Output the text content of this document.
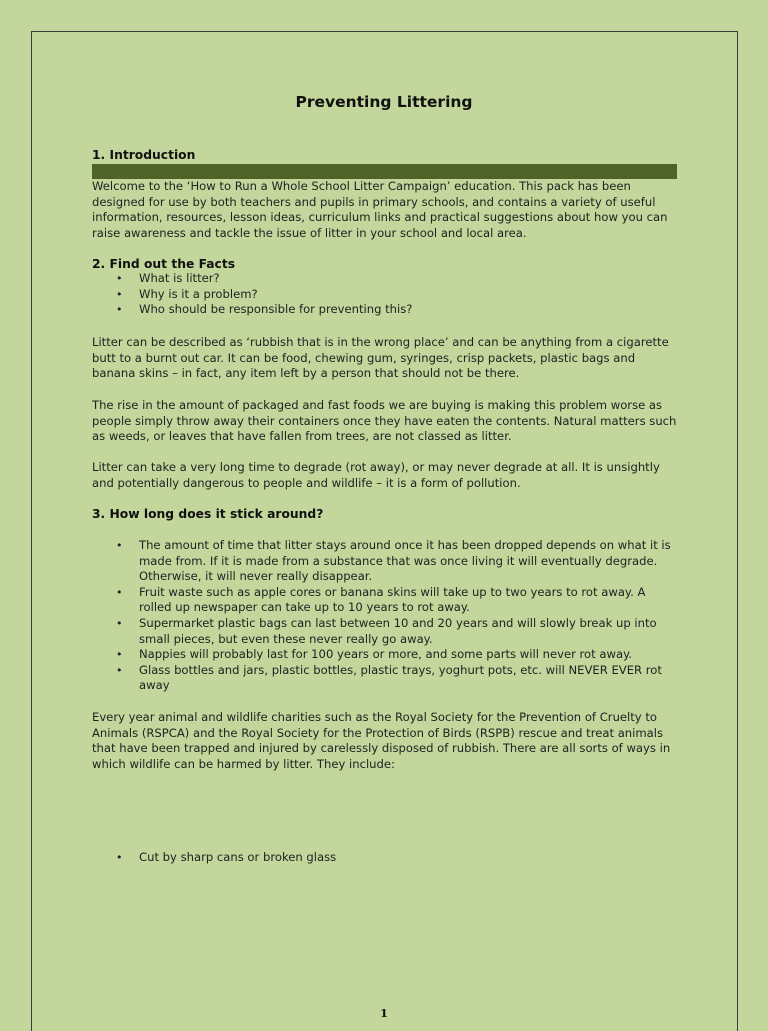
Preventing Littering

1. Introduction

Welcome to the ‘How to Run a Whole School Litter Campaign’ education. This pack has been designed for use by both teachers and pupils in primary schools, and contains a variety of useful information, resources, lesson ideas, curriculum links and practical suggestions about how you can raise awareness and tackle the issue of litter in your school and local area.

2. Find out the Facts

• What is litter?
• Why is it a problem?
• Who should be responsible for preventing this?

Litter can be described as ‘rubbish that is in the wrong place’ and can be anything from a cigarette butt to a burnt out car. It can be food, chewing gum, syringes, crisp packets, plastic bags and banana skins – in fact, any item left by a person that should not be there.

The rise in the amount of packaged and fast foods we are buying is making this problem worse as people simply throw away their containers once they have eaten the contents. Natural matters such as weeds, or leaves that have fallen from trees, are not classed as litter.

Litter can take a very long time to degrade (rot away), or may never degrade at all. It is unsightly and potentially dangerous to people and wildlife – it is a form of pollution.

3. How long does it stick around?

• The amount of time that litter stays around once it has been dropped depends on what it is made from. If it is made from a substance that was once living it will eventually degrade. Otherwise, it will never really disappear.
• Fruit waste such as apple cores or banana skins will take up to two years to rot away. A rolled up newspaper can take up to 10 years to rot away.
• Supermarket plastic bags can last between 10 and 20 years and will slowly break up into small pieces, but even these never really go away.
• Nappies will probably last for 100 years or more, and some parts will never rot away.
• Glass bottles and jars, plastic bottles, plastic trays, yoghurt pots, etc. will NEVER EVER rot away

Every year animal and wildlife charities such as the Royal Society for the Prevention of Cruelty to Animals (RSPCA) and the Royal Society for the Protection of Birds (RSPB) rescue and treat animals that have been trapped and injured by carelessly disposed of rubbish. There are all sorts of ways in which wildlife can be harmed by litter. They include:

• Cut by sharp cans or broken glass
1
